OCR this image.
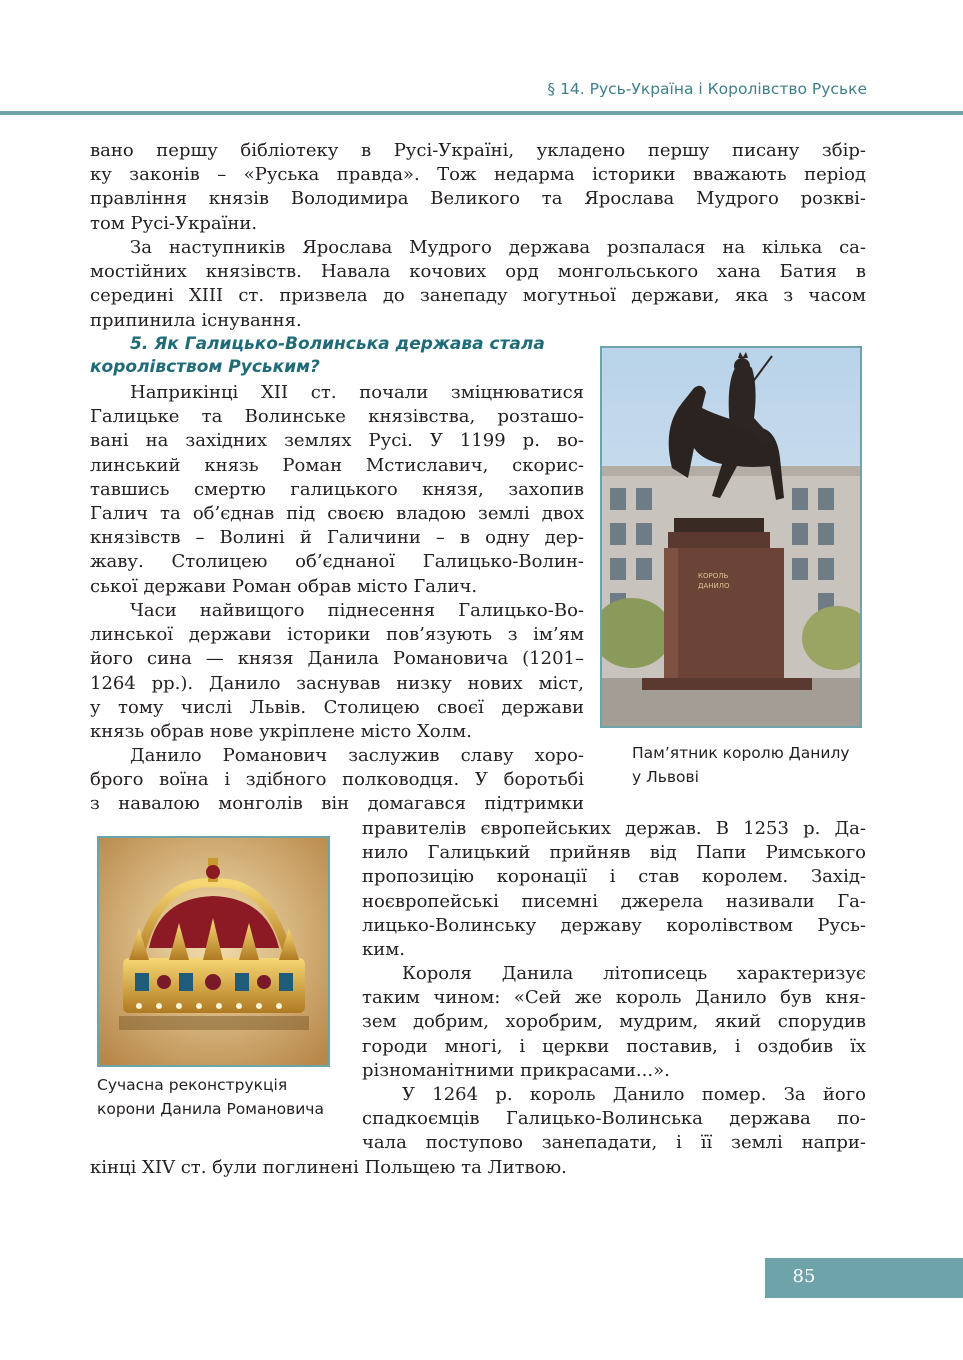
§ 14. Русь-Україна і Королівство Руське

вано першу бібліотеку в Русі-Україні, укладено першу писану збір-
ку законів – «Руська правда». Тож недарма історики вважають період
правління князів Володимира Великого та Ярослава Мудрого розкві-
том Русі-України.

За наступників Ярослава Мудрого держава розпалася на кілька са-
мостійних князівств. Навала кочових орд монгольського хана Батия в
середині XIII ст. призвела до занепаду могутньої держави, яка з часом
припинила існування.

5. Як Галицько-Волинська держава стала
королівством Руським?

Наприкінці XII ст. почали зміцнюватися
Галицьке та Волинське князівства, розташо-
вані на західних землях Русі. У 1199 р. во-
линський князь Роман Мстиславич, скорис-
тавшись смертю галицького князя, захопив
Галич та об’єднав під своєю владою землі двох
князівств – Волині й Галичини – в одну дер-
жаву. Столицею об’єднаної Галицько-Волин-
ської держави Роман обрав місто Галич.

Часи найвищого піднесення Галицько-Во-
линської держави історики пов’язують з ім’ям
його сина — князя Данила Романовича (1201–
1264 рр.). Данило заснував низку нових міст,
у тому числі Львів. Столицею своєї держави
князь обрав нове укріплене місто Холм.

Данило Романович заслужив славу хоро-
брого воїна і здібного полководця. У боротьбі
з навалою монголів він домагався підтримки

правителів європейських держав. В 1253 р. Да-
нило Галицький прийняв від Папи Римського
пропозицію коронації і став королем. Захід-
ноєвропейські писемні джерела називали Га-
лицько-Волинську державу королівством Русь-
ким.

Короля Данила літописець характеризує
таким чином: «Сей же король Данило був кня-
зем добрим, хоробрим, мудрим, який спорудив
городи многі, і церкви поставив, і оздобив їх
різноманітними прикрасами...».

У 1264 р. король Данило помер. За його
спадкоємців Галицько-Волинська держава по-
чала поступово занепадати, і її землі напри-

кінці XIV ст. були поглинені Польщею та Литвою.

КОРОЛЬ
ДАНИЛО

Пам’ятник королю Данилу
у Львові

Сучасна реконструкція
корони Данила Романовича

85
